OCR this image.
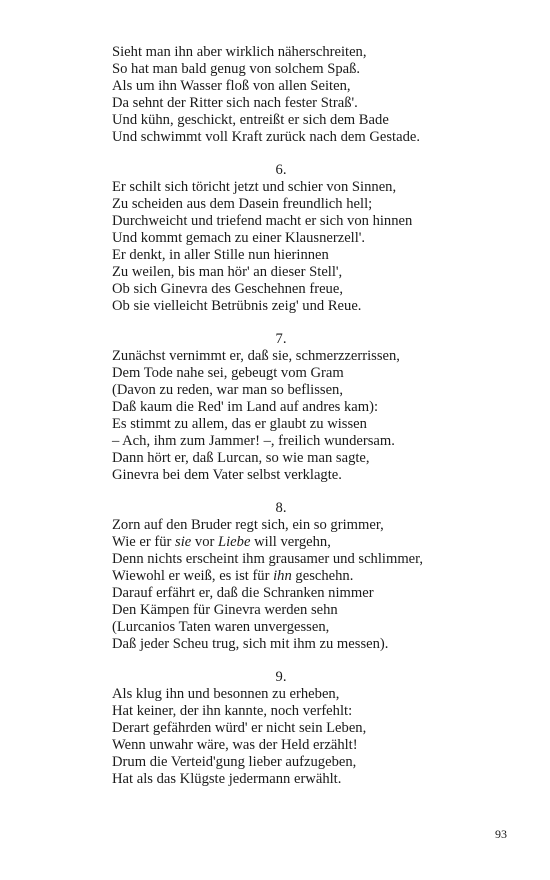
Sieht man ihn aber wirklich näherschreiten,
So hat man bald genug von solchem Spaß.
Als um ihn Wasser floß von allen Seiten,
Da sehnt der Ritter sich nach fester Straß'.
Und kühn, geschickt, entreißt er sich dem Bade
Und schwimmt voll Kraft zurück nach dem Gestade.
6.
Er schilt sich töricht jetzt und schier von Sinnen,
Zu scheiden aus dem Dasein freundlich hell;
Durchweicht und triefend macht er sich von hinnen
Und kommt gemach zu einer Klausnerzell'.
Er denkt, in aller Stille nun hierinnen
Zu weilen, bis man hör' an dieser Stell',
Ob sich Ginevra des Geschehnen freue,
Ob sie vielleicht Betrübnis zeig' und Reue.
7.
Zunächst vernimmt er, daß sie, schmerzzerrissen,
Dem Tode nahe sei, gebeugt vom Gram
(Davon zu reden, war man so beflissen,
Daß kaum die Red' im Land auf andres kam):
Es stimmt zu allem, das er glaubt zu wissen
– Ach, ihm zum Jammer! –, freilich wundersam.
Dann hört er, daß Lurcan, so wie man sagte,
Ginevra bei dem Vater selbst verklagte.
8.
Zorn auf den Bruder regt sich, ein so grimmer,
Wie er für sie vor Liebe will vergehn,
Denn nichts erscheint ihm grausamer und schlimmer,
Wiewohl er weiß, es ist für ihn geschehn.
Darauf erfährt er, daß die Schranken nimmer
Den Kämpen für Ginevra werden sehn
(Lurcanios Taten waren unvergessen,
Daß jeder Scheu trug, sich mit ihm zu messen).
9.
Als klug ihn und besonnen zu erheben,
Hat keiner, der ihn kannte, noch verfehlt:
Derart gefährden würd' er nicht sein Leben,
Wenn unwahr wäre, was der Held erzählt!
Drum die Verteid'gung lieber aufzugeben,
Hat als das Klügste jedermann erwählt.
93
